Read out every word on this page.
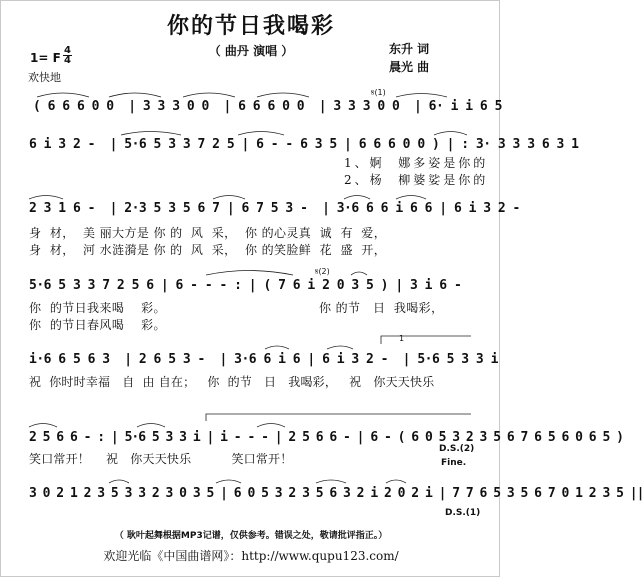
你的节日我喝彩
（ 曲丹 演唱 ）	东升 词
晨光 曲
1= F $\frac{4}{4}$
欢快地
𝄋(1)
𝄋(2)
1
( 6 6 6 0 0  | 3 3 3 0 0  | 6 6 6 0 0  | 3 3 3 0 0  | 6· i i 6 5
6 i 3 2 -  | 5·6 5 3 3 7 2 5 | 6 - - 6 3 5 | 6 6 6 0 0 ) | : 3· 3 3 3 6 3 1
1、婀  娜多姿是你的
2、杨  柳婆娑是你的
2 3 1 6 -  | 2·3 5 3 5 6 7 | 6 7 5 3 -  | 3·6 6 6 i 6 6 | 6 i 3 2 -
身  材，  美 丽大方是 你 的  风  采，  你 的心灵真  诚  有  爱，
身  材，  河 水涟漪是 你 的  风  采，  你 的笑脸鲜  花  盛  开，
5·6 5 3 3 7 2 5 6 | 6 - - - : | ( 7 6 i 2 0 3 5 ) | 3 i 6 -
你  的节日我来喝    彩。
你  的节日春风喝    彩。
你 的节   日  我喝彩，
i·6 6 5 6 3  | 2 6 5 3 -  | 3·6 6 i 6 | 6 i 3 2 -  | 5·6 5 3 3 i
祝  你时时幸福   自  由 自在；   你  的节   日   我喝彩，   祝   你天天快乐
2 5 6 6 - : | 5·6 5 3 3 i | i - - - | 2 5 6 6 - | 6 - ( 6 0 5 3 2 3 5 6 7 6 5 6 0 6 5 )
笑口常开！    祝   你天天快乐          笑口常开！
D.S.(2)
Fine.
3 0 2 1 2 3 5 3 3 2 3 0 3 5 | 6 0 5 3 2 3 5 6 3 2 i 2 0 2 i | 7 7 6 5 3 5 6 7 0 1 2 3 5 ||
D.S.(1)
（ 耿叶起舞根据MP3记谱，仅供参考。错误之处，敬请批评指正。）
欢迎光临《中国曲谱网》：http://www.qupu123.com/
